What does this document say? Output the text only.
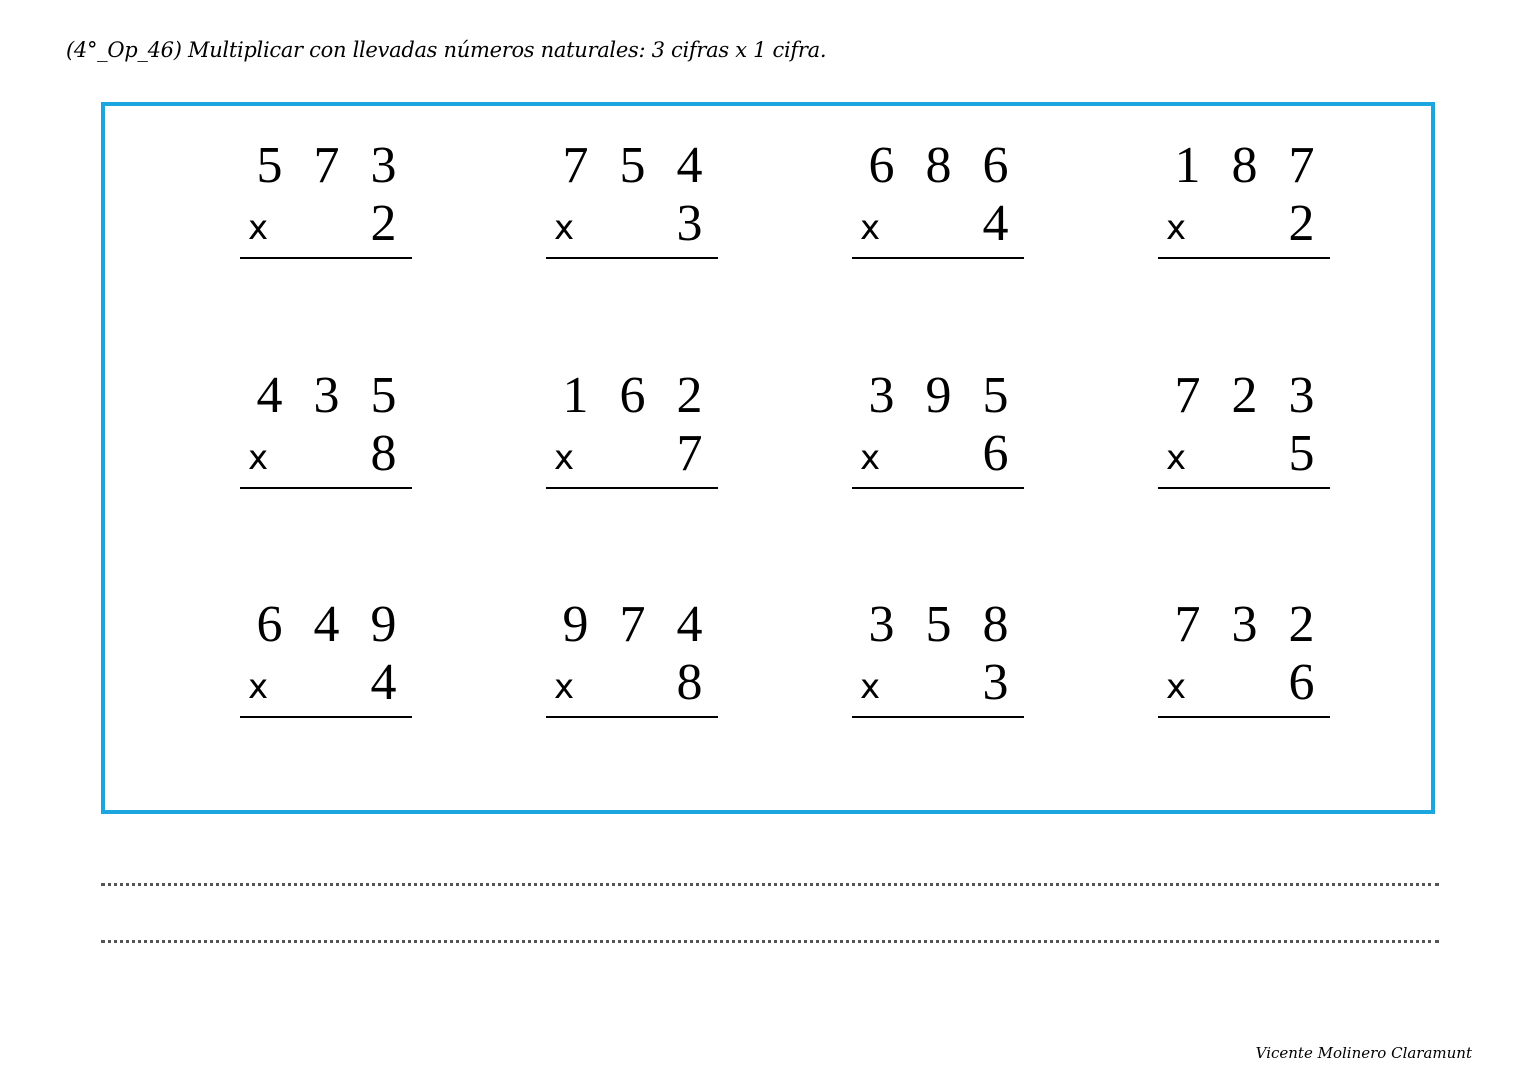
(4°_Op_46) Multiplicar con llevadas números naturales: 3 cifras x 1 cifra.
5 7 3
x 2
7 5 4
x 3
6 8 6
x 4
1 8 7
x 2
4 3 5
x 8
1 6 2
x 7
3 9 5
x 6
7 2 3
x 5
6 4 9
x 4
9 7 4
x 8
3 5 8
x 3
7 3 2
x 6
Vicente Molinero Claramunt
